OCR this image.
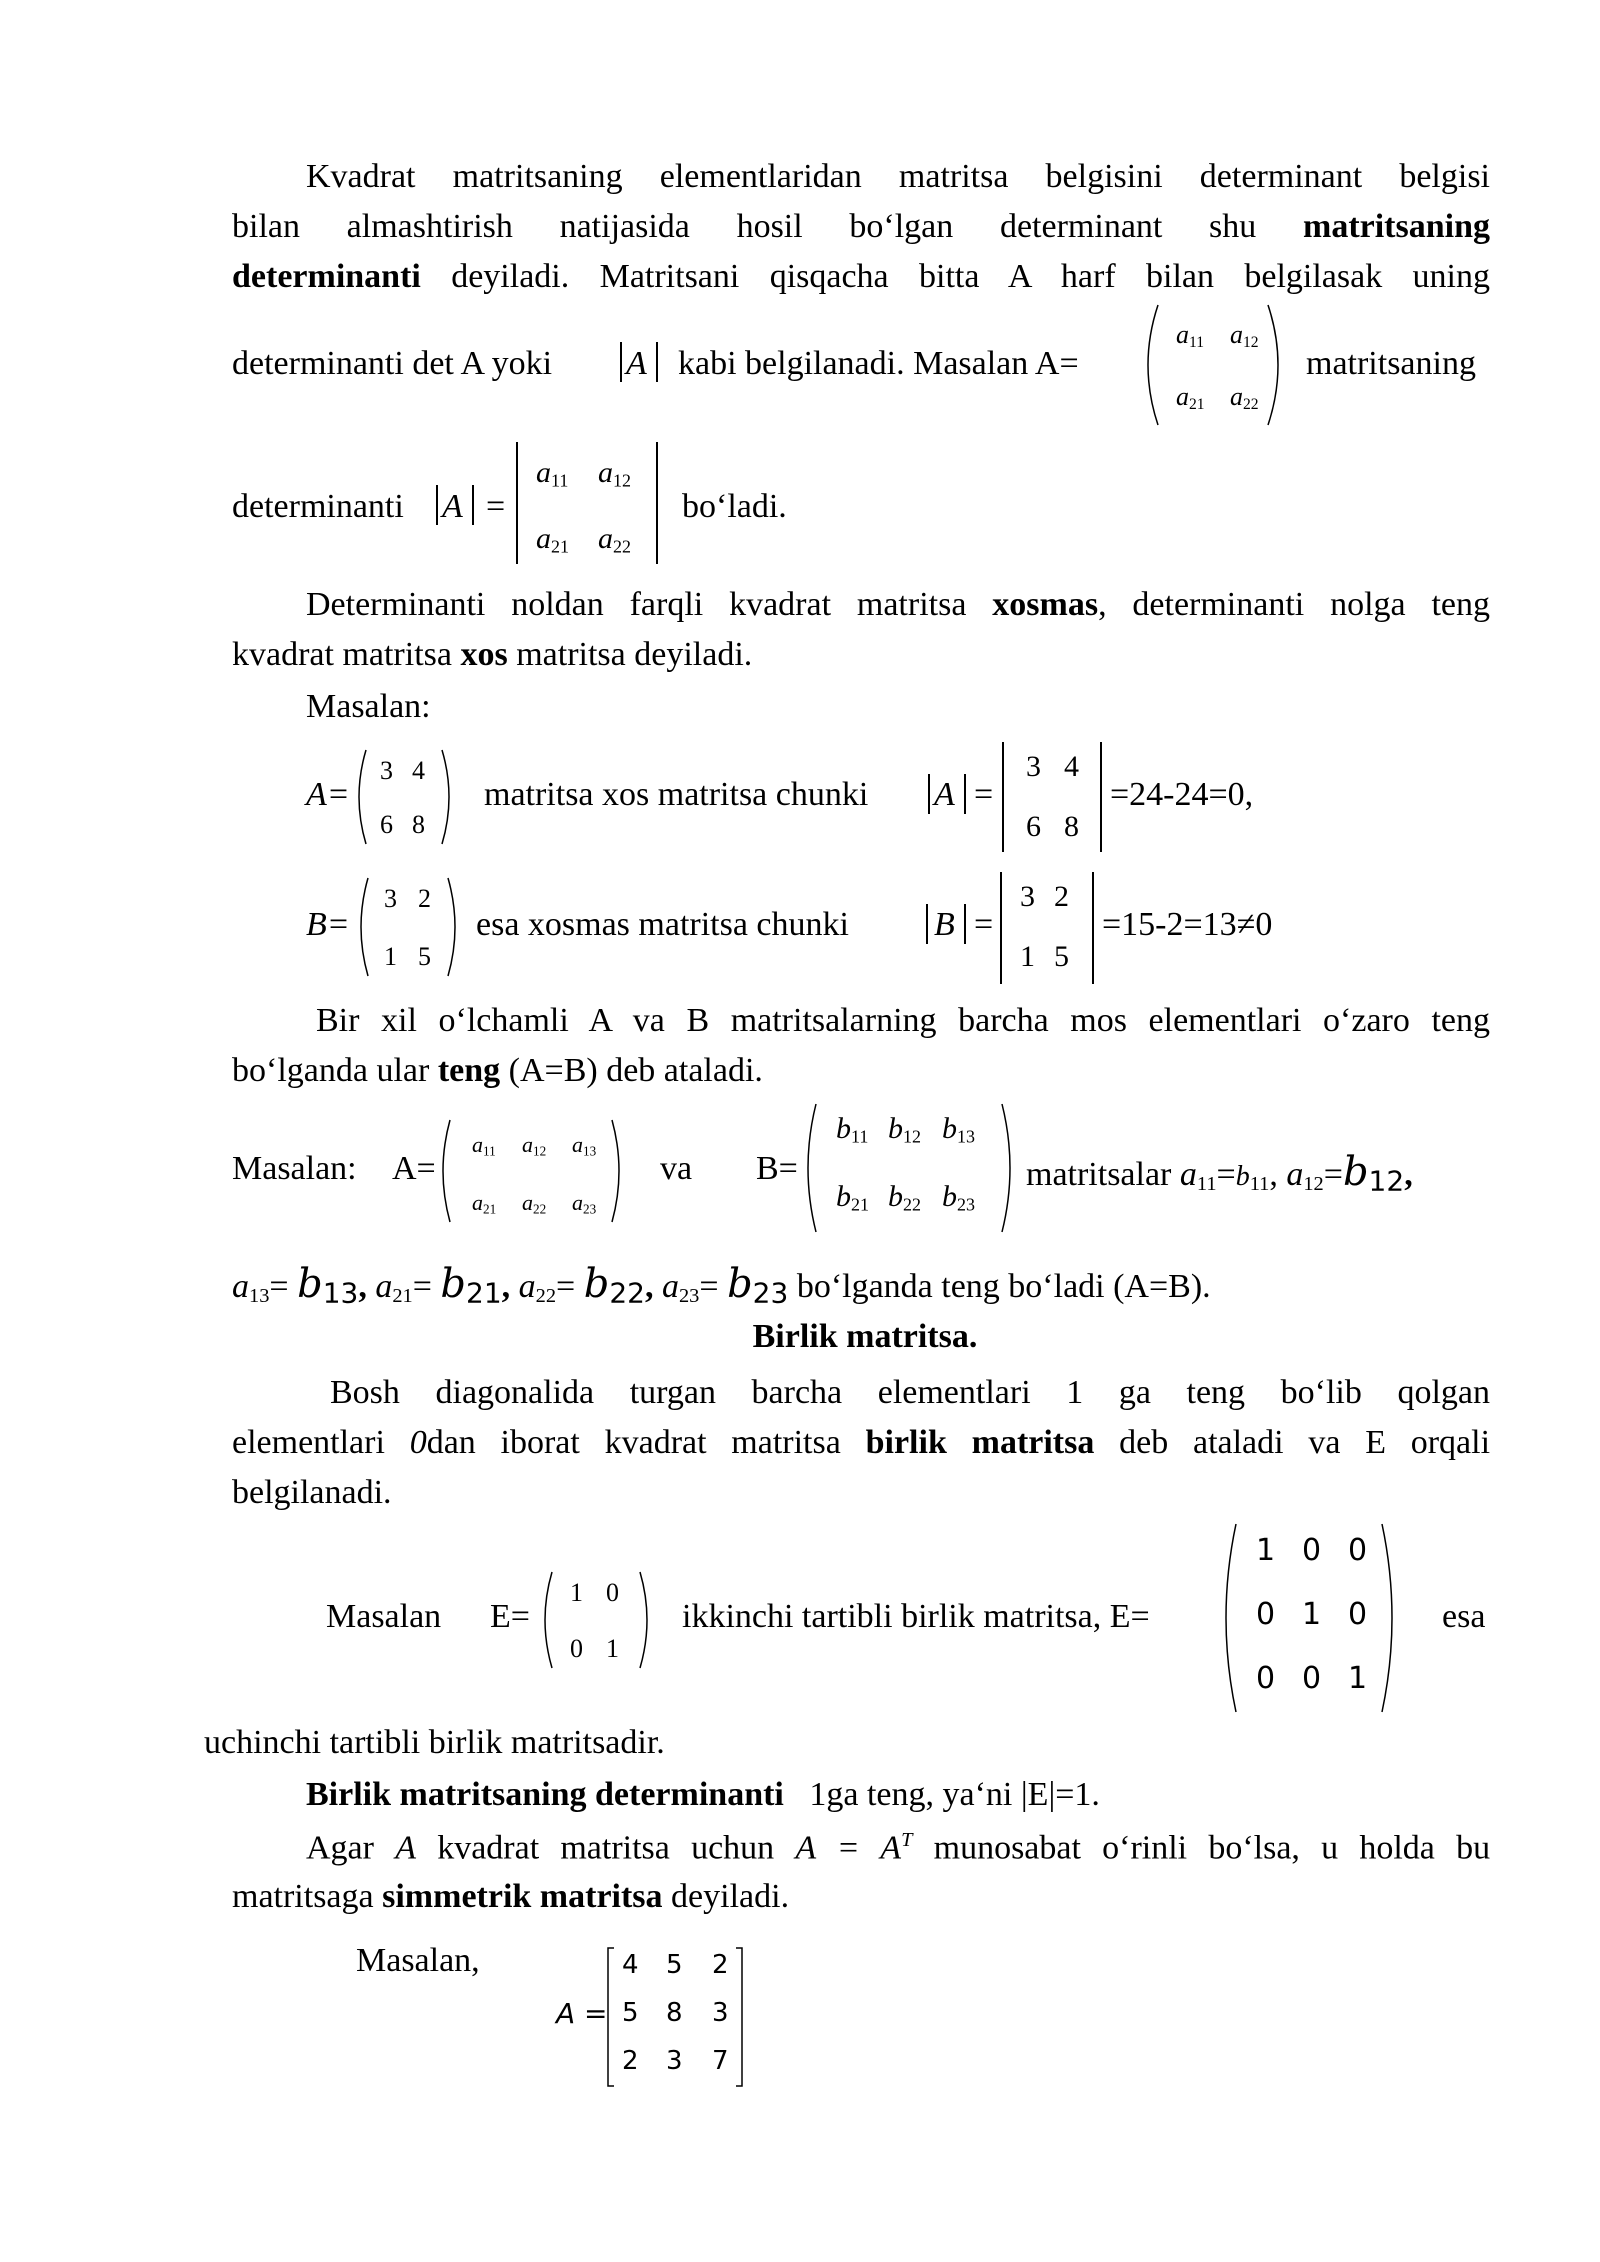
Kvadrat matritsaning elementlaridan matritsa belgisini determinant belgisi
bilan almashtirish natijasida hosil bo‘lgan determinant shu matritsaning
determinanti deyiladi. Matritsani qisqacha bitta A harf bilan belgilasak uning
determinanti det A yoki A kabi belgilanadi. Masalan A=
$a_{11}$ $a_{12}$
$a_{21}$ $a_{22}$
matritsaning
determinanti A =
$a_{11}$ $a_{12}$
$a_{21}$ $a_{22}$
bo‘ladi.
Determinanti noldan farqli kvadrat matritsa xosmas, determinanti nolga teng
kvadrat matritsa xos matritsa deyiladi.
Masalan:
A=
3 4
6 8
matritsa xos matritsa chunki A =
3 4
6 8
=24-24=0,
B=
3 2
1 5
esa xosmas matritsa chunki	B =
3 2
1 5
=15-2=13≠0
Bir xil o‘lchamli A va B matritsalarning barcha mos elementlari o‘zaro teng
bo‘lganda ular teng (A=B) deb ataladi.
Masalan: A=
$a_{11}$ $a_{12}$ $a_{13}$
$a_{21}$ $a_{22}$ $a_{23}$
va B=
$b_{11}$ $b_{12}$ $b_{13}$
$b_{21}$ $b_{22}$ $b_{23}$
matritsalar $a_{11}=b_{11}$, $a_{12}=b12$,
$a_{13}= b13$, $a_{21}= b21$, $a_{22}= b22$, $a_{23}= b23$ bo‘lganda teng bo‘ladi (A=B).
Birlik matritsa.
Bosh diagonalida turgan barcha elementlari 1 ga teng bo‘lib qolgan
elementlari 0dan iborat kvadrat matritsa birlik matritsa deb ataladi va E orqali
belgilanadi.
Masalan E=
1 0
0 1
ikkinchi tartibli birlik matritsa, E=
1 0 0
0 1 0
0 0 1
esa
uchinchi tartibli birlik matritsadir.
Birlik matritsaning determinanti 1ga teng, ya‘ni |E|=1.
Agar A kvadrat matritsa uchun $A = A^T$ munosabat o‘rinli bo‘lsa, u holda bu
matritsaga simmetrik matritsa deyiladi.
Masalan,
A =
4 5 2
5 8 3
2 3 7
